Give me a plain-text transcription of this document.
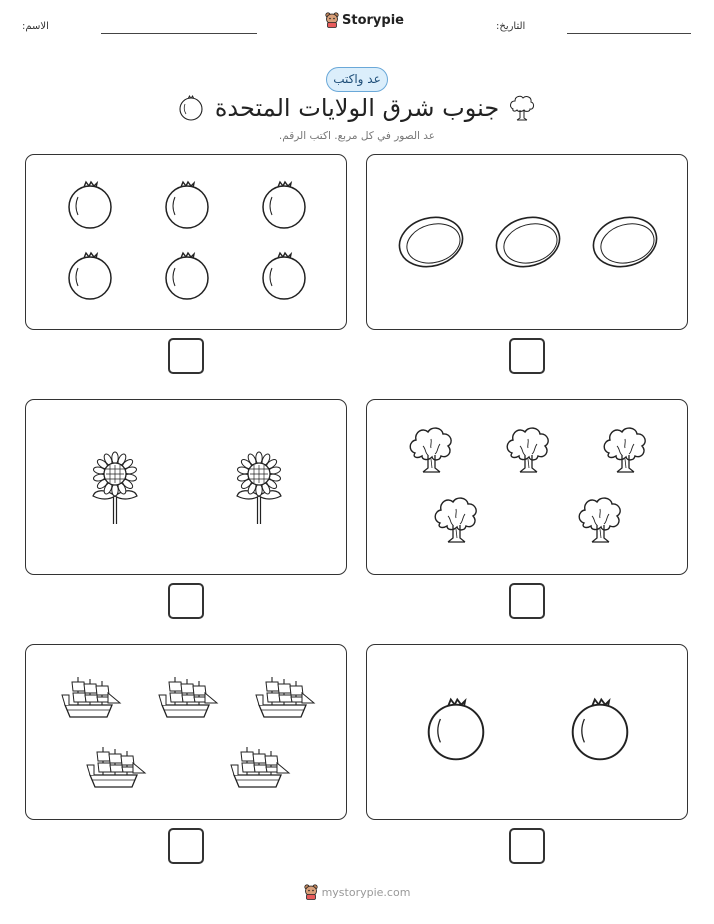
الاسم:	Storypie	التاريخ:
عد واكتب
جنوب شرق الولايات المتحدة
عد الصور في كل مربع. اكتب الرقم.
mystorypie.com
